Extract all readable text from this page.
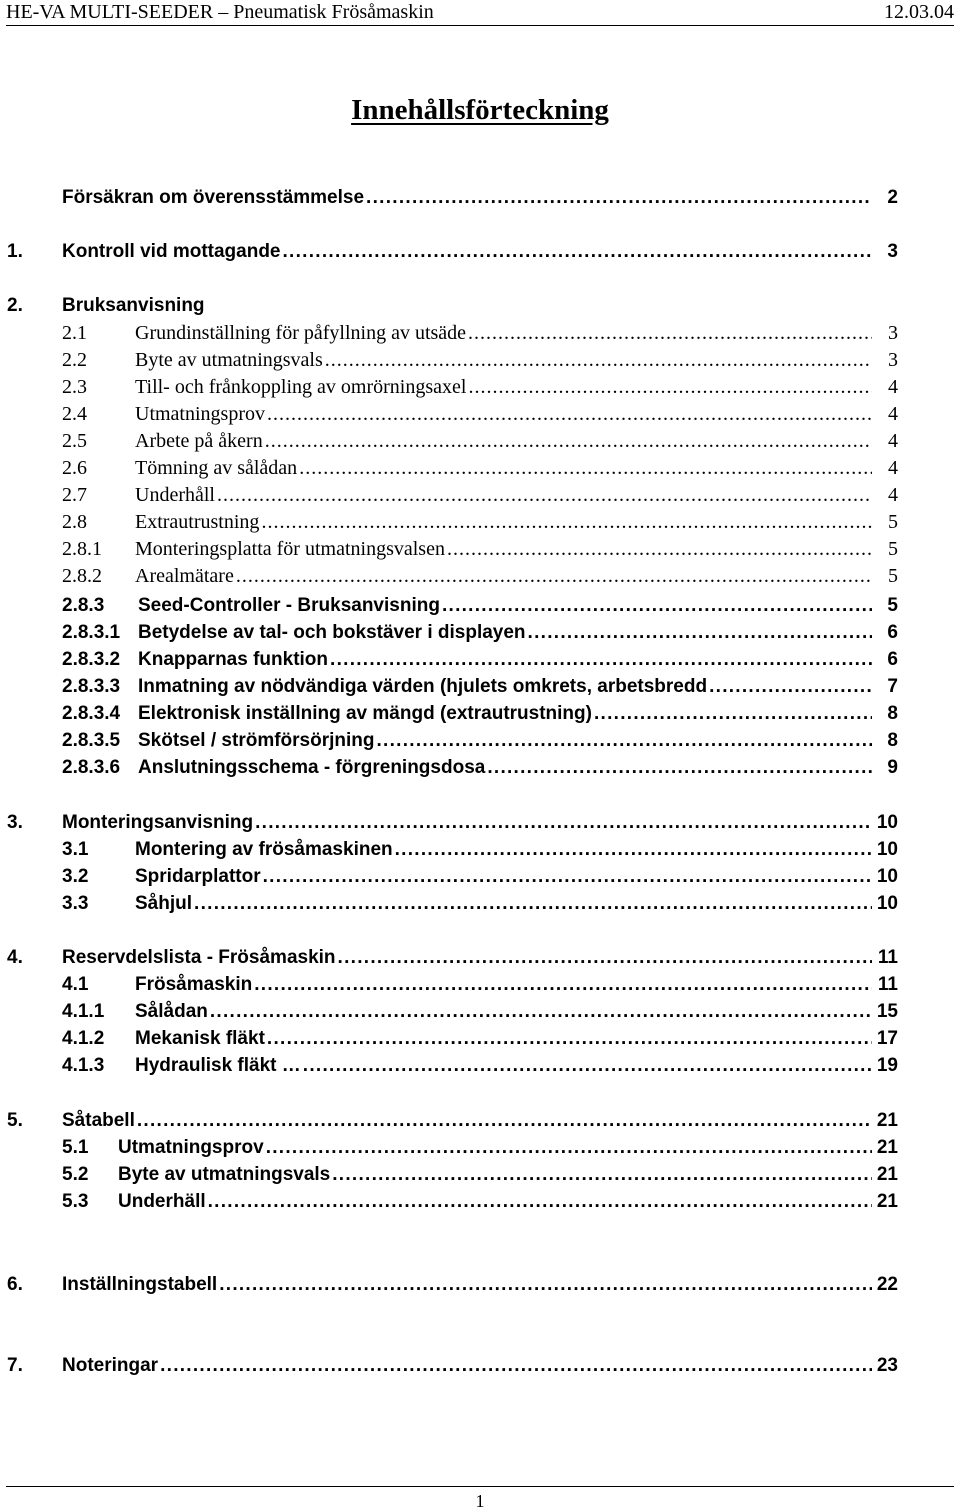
HE-VA MULTI-SEEDER – Pneumatisk Frösåmaskin	12.03.04
Innehållsförteckning
Försäkran om överensstämmelse . . .	2
1. Kontroll vid mottagande . . .	3
2. Bruksanvisning
2.1 Grundinställning för påfyllning av utsäde . . .	3
2.2 Byte av utmatningsvals . . .	3
2.3 Till- och frånkoppling av omrörningsaxel . . .	4
2.4 Utmatningsprov . . .	4
2.5 Arbete på åkern . . .	4
2.6 Tömning av sålådan . . .	4
2.7 Underhåll . . .	4
2.8 Extrautrustning . . .	5
2.8.1 Monteringsplatta för utmatningsvalsen . . .	5
2.8.2 Arealmätare . . .	5
2.8.3 Seed-Controller - Bruksanvisning . . .	5
2.8.3.1 Betydelse av tal- och bokstäver i displayen . . .	6
2.8.3.2 Knapparnas funktion . . .	6
2.8.3.3 Inmatning av nödvändiga värden (hjulets omkrets, arbetsbredd . . .	7
2.8.3.4 Elektronisk inställning av mängd (extrautrustning) . . .	8
2.8.3.5 Skötsel / strömförsörjning . . .	8
2.8.3.6 Anslutningsschema - förgreningsdosa . . .	9
3. Monteringsanvisning . . .	10
3.1 Montering av frösåmaskinen . . .	10
3.2 Spridarplattor . . .	10
3.3 Såhjul . . .	10
4. Reservdelslista - Frösåmaskin . . .	11
4.1 Frösåmaskin . . .	11
4.1.1 Sålådan . . .	15
4.1.2 Mekanisk fläkt . . .	17
4.1.3 Hydraulisk fläkt … . . .	19
5. Såtabell . . .	21
5.1 Utmatningsprov . . .	21
5.2 Byte av utmatningsvals . . .	21
5.3 Underhäll . . .	21
6. Inställningstabell . . .	22
7. Noteringar . . .	23
1
